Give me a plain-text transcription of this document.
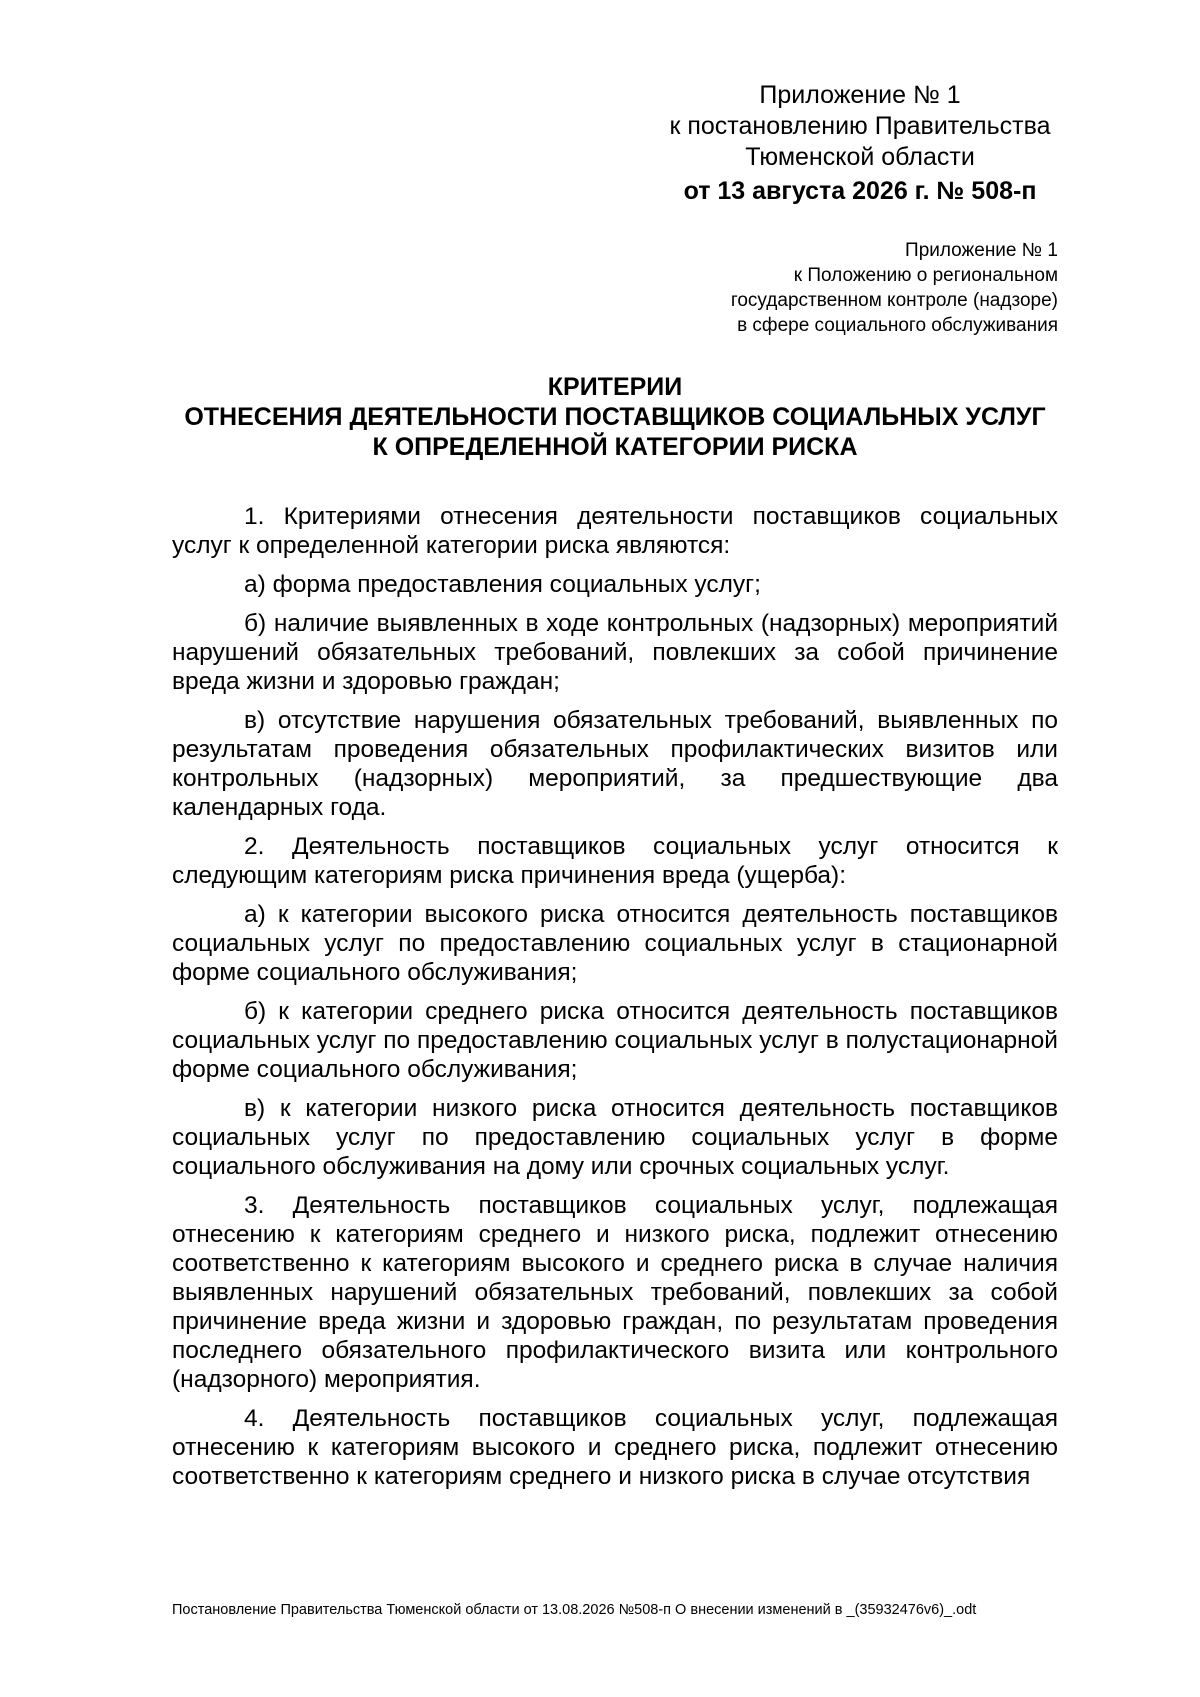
Приложение № 1
к постановлению Правительства
Тюменской области
от 13 августа 2026 г. № 508-п
Приложение № 1
к Положению о региональном
государственном контроле (надзоре)
в сфере социального обслуживания
КРИТЕРИИ
ОТНЕСЕНИЯ ДЕЯТЕЛЬНОСТИ ПОСТАВЩИКОВ СОЦИАЛЬНЫХ УСЛУГ
К ОПРЕДЕЛЕННОЙ КАТЕГОРИИ РИСКА

1. Критериями отнесения деятельности поставщиков социальных услуг к определенной категории риска являются:

а) форма предоставления социальных услуг;

б) наличие выявленных в ходе контрольных (надзорных) мероприятий нарушений обязательных требований, повлекших за собой причинение вреда жизни и здоровью граждан;

в) отсутствие нарушения обязательных требований, выявленных по результатам проведения обязательных профилактических визитов или контрольных (надзорных) мероприятий, за предшествующие два календарных года.

2. Деятельность поставщиков социальных услуг относится к следующим категориям риска причинения вреда (ущерба):

а) к категории высокого риска относится деятельность поставщиков социальных услуг по предоставлению социальных услуг в стационарной форме социального обслуживания;

б) к категории среднего риска относится деятельность поставщиков социальных услуг по предоставлению социальных услуг в полустационарной форме социального обслуживания;

в) к категории низкого риска относится деятельность поставщиков социальных услуг по предоставлению социальных услуг в форме социального обслуживания на дому или срочных социальных услуг.

3. Деятельность поставщиков социальных услуг, подлежащая отнесению к категориям среднего и низкого риска, подлежит отнесению соответственно к категориям высокого и среднего риска в случае наличия выявленных нарушений обязательных требований, повлекших за собой причинение вреда жизни и здоровью граждан, по результатам проведения последнего обязательного профилактического визита или контрольного (надзорного) мероприятия.

4. Деятельность поставщиков социальных услуг, подлежащая отнесению к категориям высокого и среднего риска, подлежит отнесению соответственно к категориям среднего и низкого риска в случае отсутствия

Постановление Правительства Тюменской области от 13.08.2026 №508-п О внесении изменений в _(35932476v6)_.odt
